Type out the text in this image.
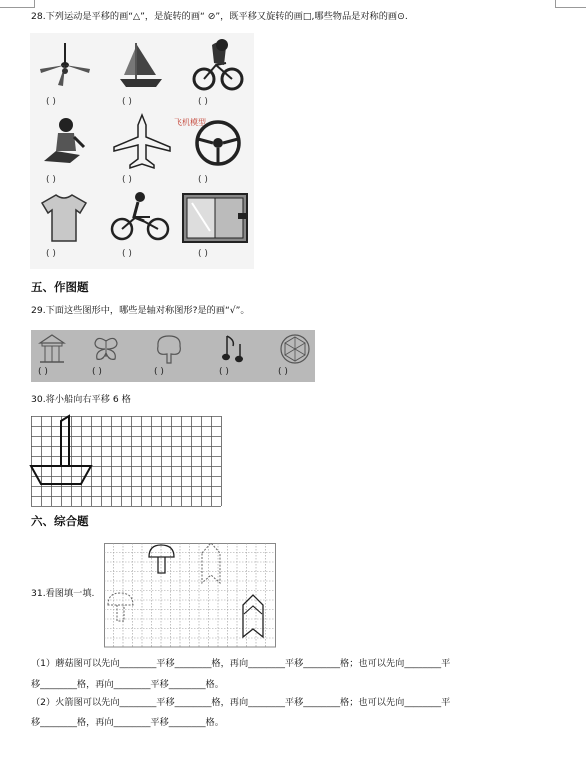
28.下列运动是平移的画“△”，是旋转的画“ ⊘”，既平移又旋转的画□,哪些物品是对称的画⊙.
( )	( )	( )
飞机模型
( )	( )	( )
( )	( )	( )
五、作图题
29.下面这些图形中，哪些是轴对称图形?是的画“√”。
( )	( )	( )	( )	( )
30.将小船向右平移 6 格
六、综合题
31.看图填一填.
（1）蘑菇图可以先向________平移________格，再向________平移________格；也可以先向________平
移________格，再向________平移________格。
（2）火箭图可以先向________平移________格，再向________平移________格；也可以先向________平
移________格，再向________平移________格。
